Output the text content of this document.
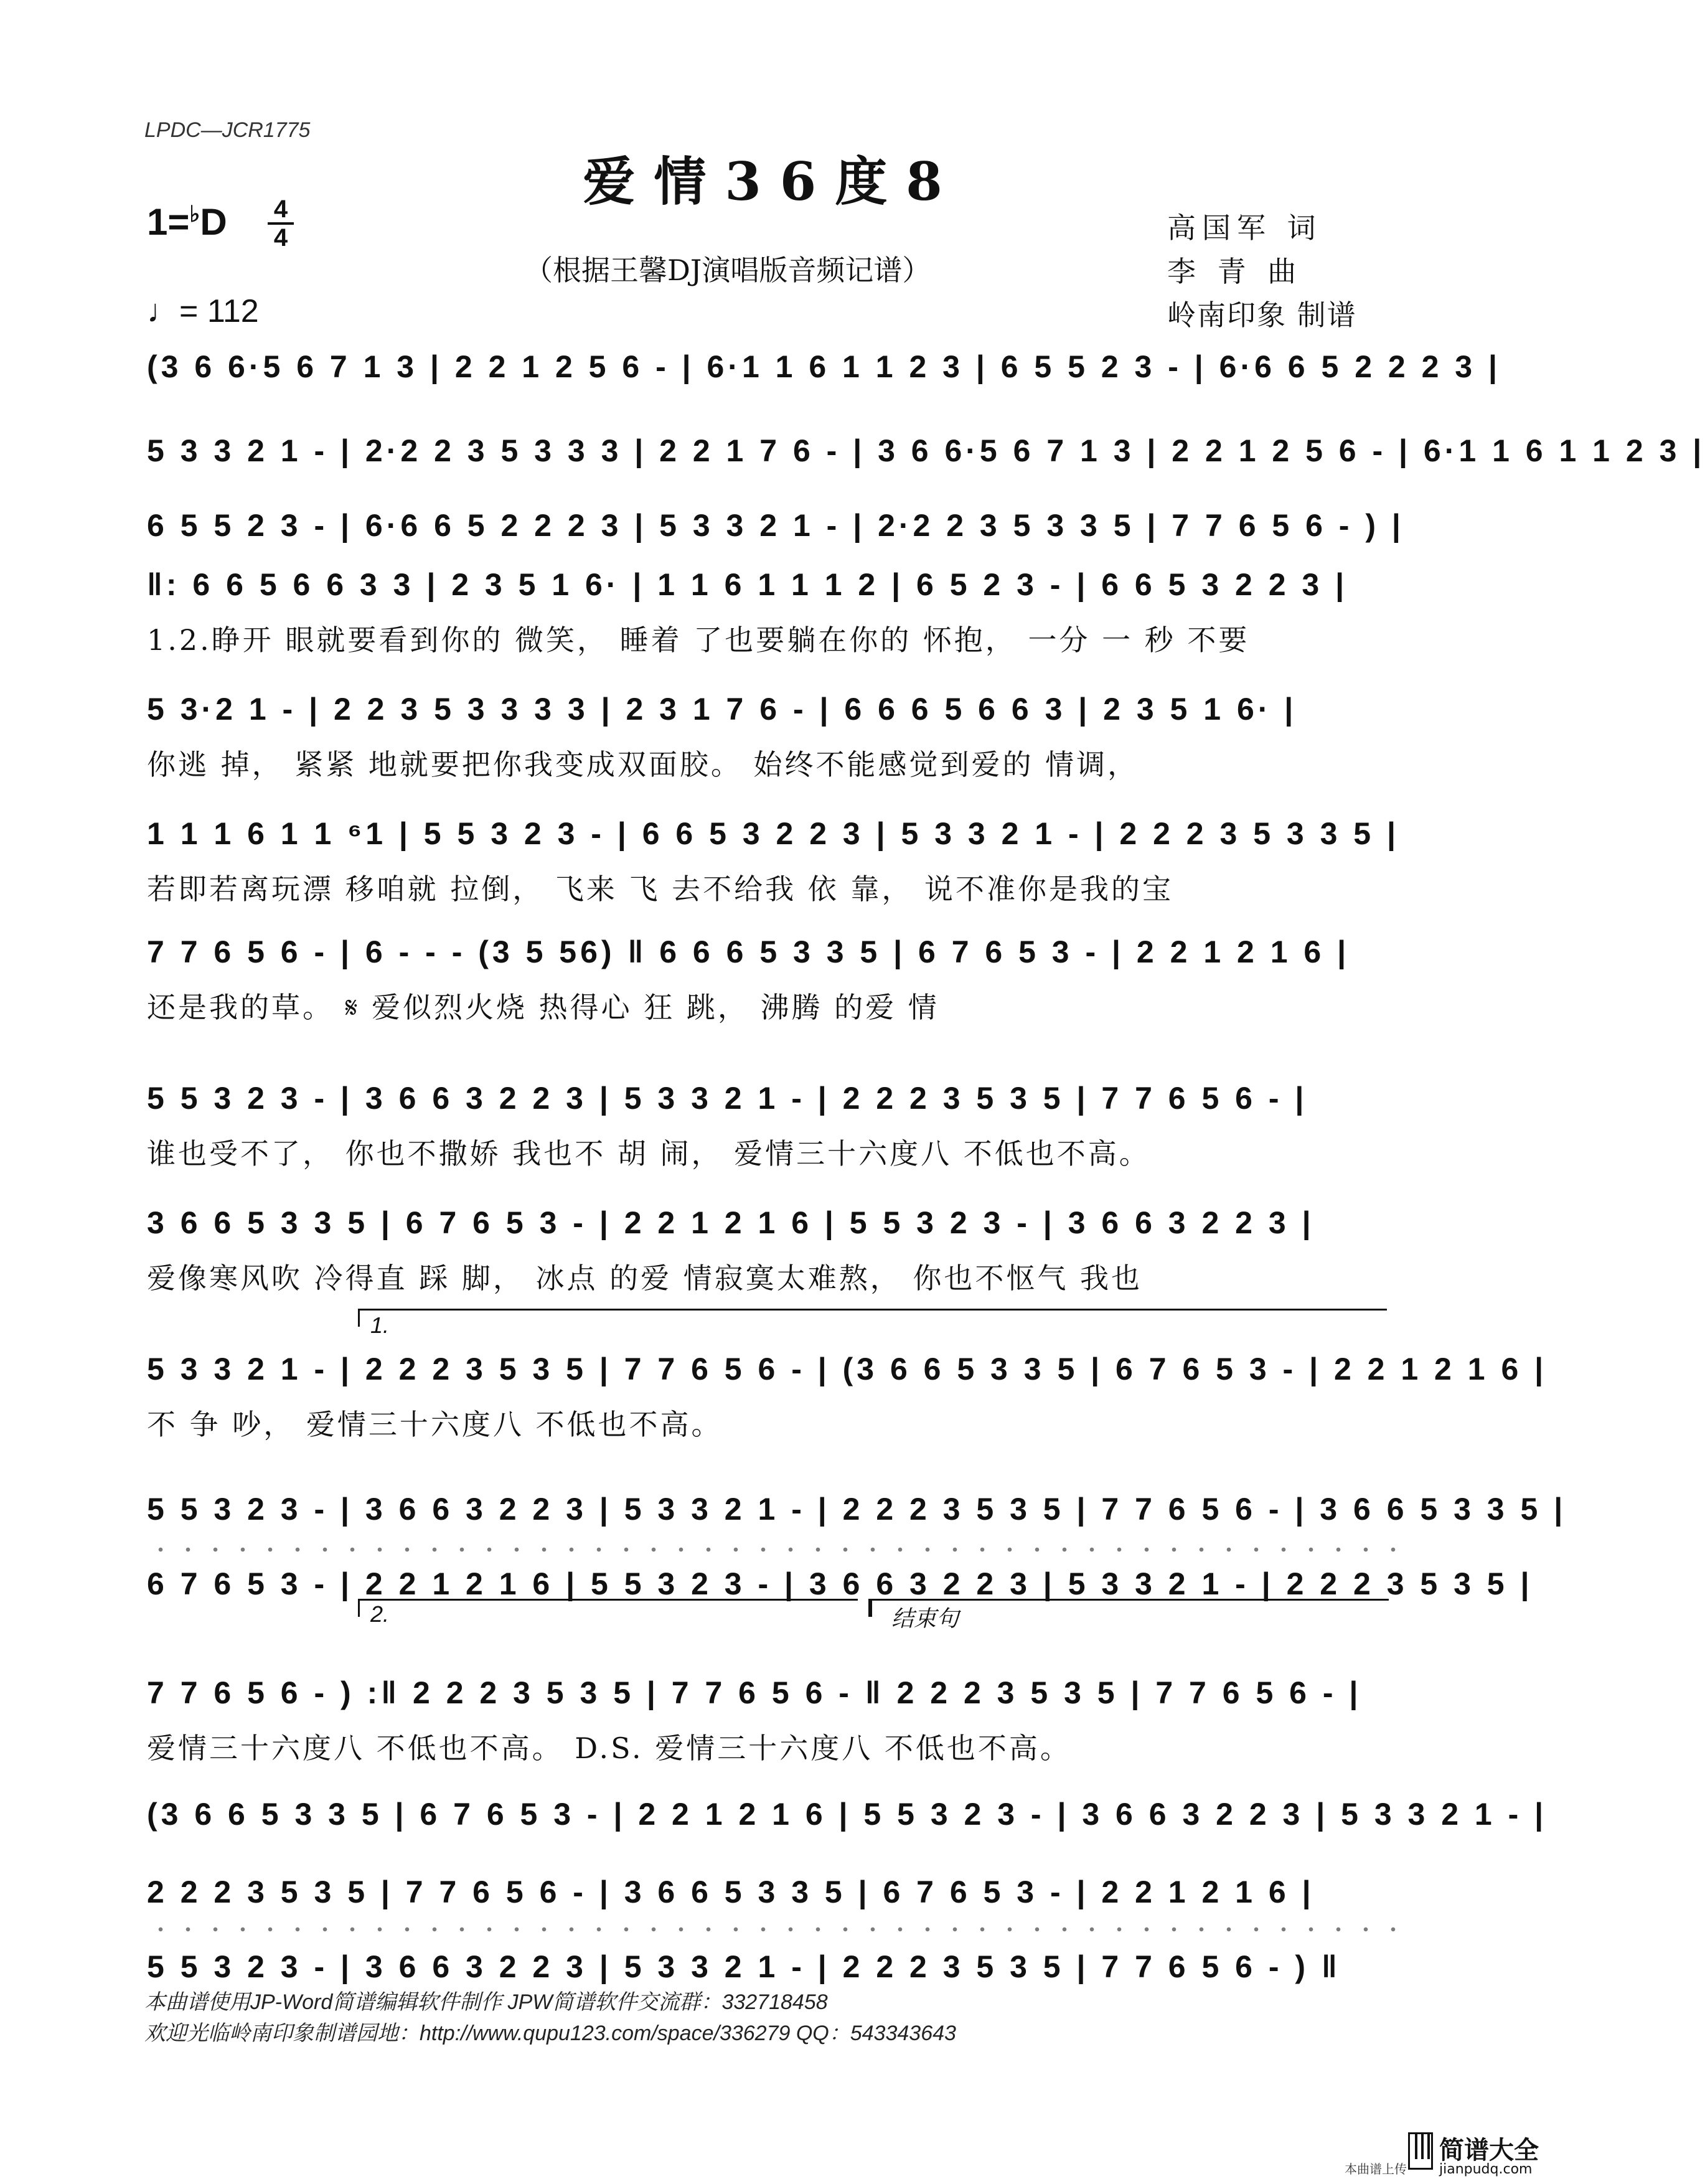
LPDC—JCR1775
爱情36度8
1=♭D 4
4
（根据王馨DJ演唱版音频记谱）
♩= 112
高国军 词
李 青 曲
岭南印象 制谱
(3 6 6·5 6 7 1 3 | 2 2 1 2 5 6 - | 6·1 1 6 1 1 2 3 | 6 5 5 2 3 - | 6·6 6 5 2 2 2 3 |
5 3 3 2 1 - | 2·2 2 3 5 3 3 3 | 2 2 1 7 6 - | 3 6 6·5 6 7 1 3 | 2 2 1 2 5 6 - | 6·1 1 6 1 1 2 3 |
6 5 5 2 3 - | 6·6 6 5 2 2 2 3 | 5 3 3 2 1 - | 2·2 2 3 5 3 3 5 | 7 7 6 5 6 - ) |
‖: 6 6 5 6 6 3 3 | 2 3 5 1 6· | 1 1 6 1 1 1 2 | 6 5 2 3 - | 6 6 5 3 2 2 3 |
1.2.睁开 眼就要看到你的 微笑， 睡着 了也要躺在你的 怀抱， 一分 一 秒 不要
5 3·2 1 - | 2 2 3 5 3 3 3 3 | 2 3 1 7 6 - | 6 6 6 5 6 6 3 | 2 3 5 1 6· |
你逃 掉， 紧紧 地就要把你我变成双面胶。 始终不能感觉到爱的 情调，
1 1 1 6 1 1 ⁶1 | 5 5 3 2 3 - | 6 6 5 3 2 2 3 | 5 3 3 2 1 - | 2 2 2 3 5 3 3 5 |
若即若离玩漂 移咱就 拉倒， 飞来 飞 去不给我 依 靠， 说不准你是我的宝
7 7 6 5 6 - | 6 - - - (3 5 56) ‖ 6 6 6 5 3 3 5 | 6 7 6 5 3 - | 2 2 1 2 1 6 |
还是我的草。 𝄋 爱似烈火烧 热得心 狂 跳， 沸腾 的爱 情
5 5 3 2 3 - | 3 6 6 3 2 2 3 | 5 3 3 2 1 - | 2 2 2 3 5 3 5 | 7 7 6 5 6 - |
谁也受不了， 你也不撒娇 我也不 胡 闹， 爱情三十六度八 不低也不高。
3 6 6 5 3 3 5 | 6 7 6 5 3 - | 2 2 1 2 1 6 | 5 5 3 2 3 - | 3 6 6 3 2 2 3 |
爱像寒风吹 冷得直 踩 脚， 冰点 的爱 情寂寞太难熬， 你也不怄气 我也
5 3 3 2 1 - | 2 2 2 3 5 3 5 | 7 7 6 5 6 - | (3 6 6 5 3 3 5 | 6 7 6 5 3 - | 2 2 1 2 1 6 |
不 争 吵， 爱情三十六度八 不低也不高。
5 5 3 2 3 - | 3 6 6 3 2 2 3 | 5 3 3 2 1 - | 2 2 2 3 5 3 5 | 7 7 6 5 6 - | 3 6 6 5 3 3 5 |
6 7 6 5 3 - | 2 2 1 2 1 6 | 5 5 3 2 3 - | 3 6 6 3 2 2 3 | 5 3 3 2 1 - | 2 2 2 3 5 3 5 |
7 7 6 5 6 - ) :‖ 2 2 2 3 5 3 5 | 7 7 6 5 6 - ‖ 2 2 2 3 5 3 5 | 7 7 6 5 6 - |
爱情三十六度八 不低也不高。 D.S. 爱情三十六度八 不低也不高。
(3 6 6 5 3 3 5 | 6 7 6 5 3 - | 2 2 1 2 1 6 | 5 5 3 2 3 - | 3 6 6 3 2 2 3 | 5 3 3 2 1 - |
2 2 2 3 5 3 5 | 7 7 6 5 6 - | 3 6 6 5 3 3 5 | 6 7 6 5 3 - | 2 2 1 2 1 6 |
5 5 3 2 3 - | 3 6 6 3 2 2 3 | 5 3 3 2 1 - | 2 2 2 3 5 3 5 | 7 7 6 5 6 - ) ‖
1.
2.	结束句
本曲谱使用JP-Word简谱编辑软件制作 JPW简谱软件交流群：332718458
欢迎光临岭南印象制谱园地：http://www.qupu123.com/space/336279 QQ：543343643
本曲谱上传
简谱大全
jianpudq.com
